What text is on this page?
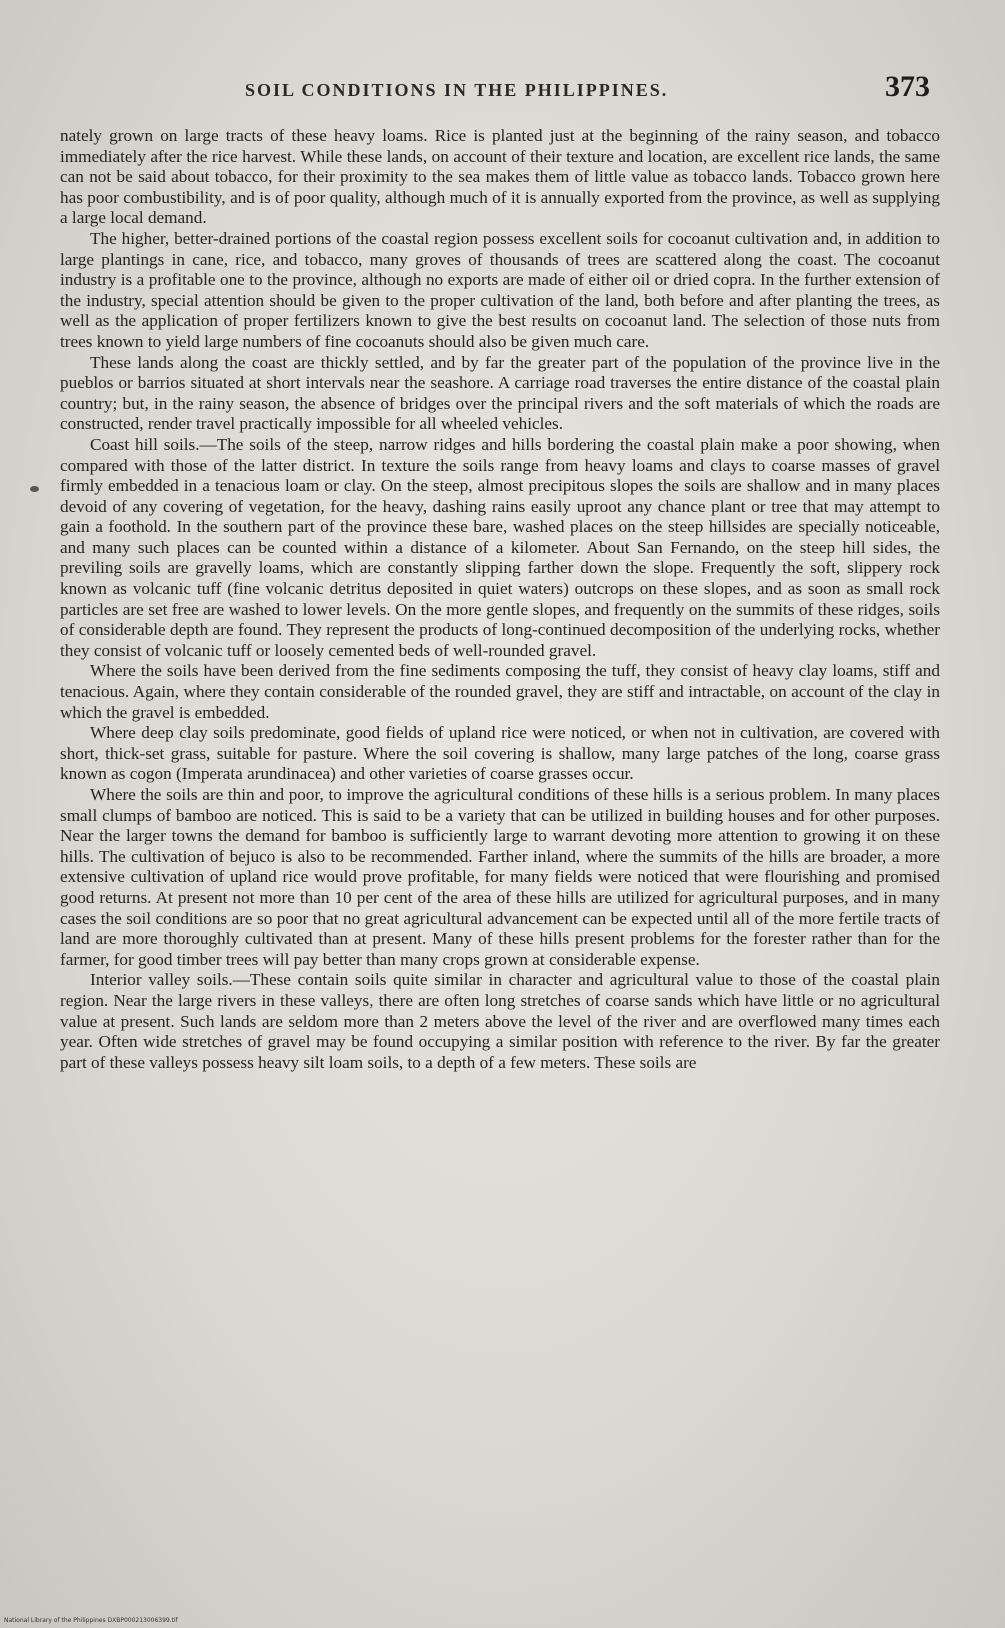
SOIL CONDITIONS IN THE PHILIPPINES.	373

nately grown on large tracts of these heavy loams. Rice is planted just at the beginning of the rainy season, and tobacco immediately after the rice harvest. While these lands, on account of their texture and location, are excellent rice lands, the same can not be said about tobacco, for their proximity to the sea makes them of little value as tobacco lands. Tobacco grown here has poor combustibility, and is of poor quality, although much of it is annually exported from the province, as well as supplying a large local demand.

The higher, better-drained portions of the coastal region possess excellent soils for cocoanut cultivation and, in addition to large plantings in cane, rice, and tobacco, many groves of thousands of trees are scattered along the coast. The cocoanut industry is a profitable one to the province, although no exports are made of either oil or dried copra. In the further extension of the industry, special attention should be given to the proper cultivation of the land, both before and after planting the trees, as well as the application of proper fertilizers known to give the best results on cocoanut land. The selection of those nuts from trees known to yield large numbers of fine cocoanuts should also be given much care.

These lands along the coast are thickly settled, and by far the greater part of the population of the province live in the pueblos or barrios situated at short intervals near the seashore. A carriage road traverses the entire distance of the coastal plain country; but, in the rainy season, the absence of bridges over the principal rivers and the soft materials of which the roads are constructed, render travel practically impossible for all wheeled vehicles.

Coast hill soils.—The soils of the steep, narrow ridges and hills bordering the coastal plain make a poor showing, when compared with those of the latter district. In texture the soils range from heavy loams and clays to coarse masses of gravel firmly embedded in a tenacious loam or clay. On the steep, almost precipitous slopes the soils are shallow and in many places devoid of any covering of vegetation, for the heavy, dashing rains easily uproot any chance plant or tree that may attempt to gain a foothold. In the southern part of the province these bare, washed places on the steep hillsides are specially noticeable, and many such places can be counted within a distance of a kilometer. About San Fernando, on the steep hill sides, the previling soils are gravelly loams, which are constantly slipping farther down the slope. Frequently the soft, slippery rock known as volcanic tuff (fine volcanic detritus deposited in quiet waters) outcrops on these slopes, and as soon as small rock particles are set free are washed to lower levels. On the more gentle slopes, and frequently on the summits of these ridges, soils of considerable depth are found. They represent the products of long-continued decomposition of the underlying rocks, whether they consist of volcanic tuff or loosely cemented beds of well-rounded gravel.

Where the soils have been derived from the fine sediments composing the tuff, they consist of heavy clay loams, stiff and tenacious. Again, where they contain considerable of the rounded gravel, they are stiff and intractable, on account of the clay in which the gravel is embedded.

Where deep clay soils predominate, good fields of upland rice were noticed, or when not in cultivation, are covered with short, thick-set grass, suitable for pasture. Where the soil covering is shallow, many large patches of the long, coarse grass known as cogon (Imperata arundinacea) and other varieties of coarse grasses occur.

Where the soils are thin and poor, to improve the agricultural conditions of these hills is a serious problem. In many places small clumps of bamboo are noticed. This is said to be a variety that can be utilized in building houses and for other purposes. Near the larger towns the demand for bamboo is sufficiently large to warrant devoting more attention to growing it on these hills. The cultivation of bejuco is also to be recommended. Farther inland, where the summits of the hills are broader, a more extensive cultivation of upland rice would prove profitable, for many fields were noticed that were flourishing and promised good returns. At present not more than 10 per cent of the area of these hills are utilized for agricultural purposes, and in many cases the soil conditions are so poor that no great agricultural advancement can be expected until all of the more fertile tracts of land are more thoroughly cultivated than at present. Many of these hills present problems for the forester rather than for the farmer, for good timber trees will pay better than many crops grown at considerable expense.

Interior valley soils.—These contain soils quite similar in character and agricultural value to those of the coastal plain region. Near the large rivers in these valleys, there are often long stretches of coarse sands which have little or no agricultural value at present. Such lands are seldom more than 2 meters above the level of the river and are overflowed many times each year. Often wide stretches of gravel may be found occupying a similar position with reference to the river. By far the greater part of these valleys possess heavy silt loam soils, to a depth of a few meters. These soils are

National Library of the Philippines DXBP000213006399.tif
